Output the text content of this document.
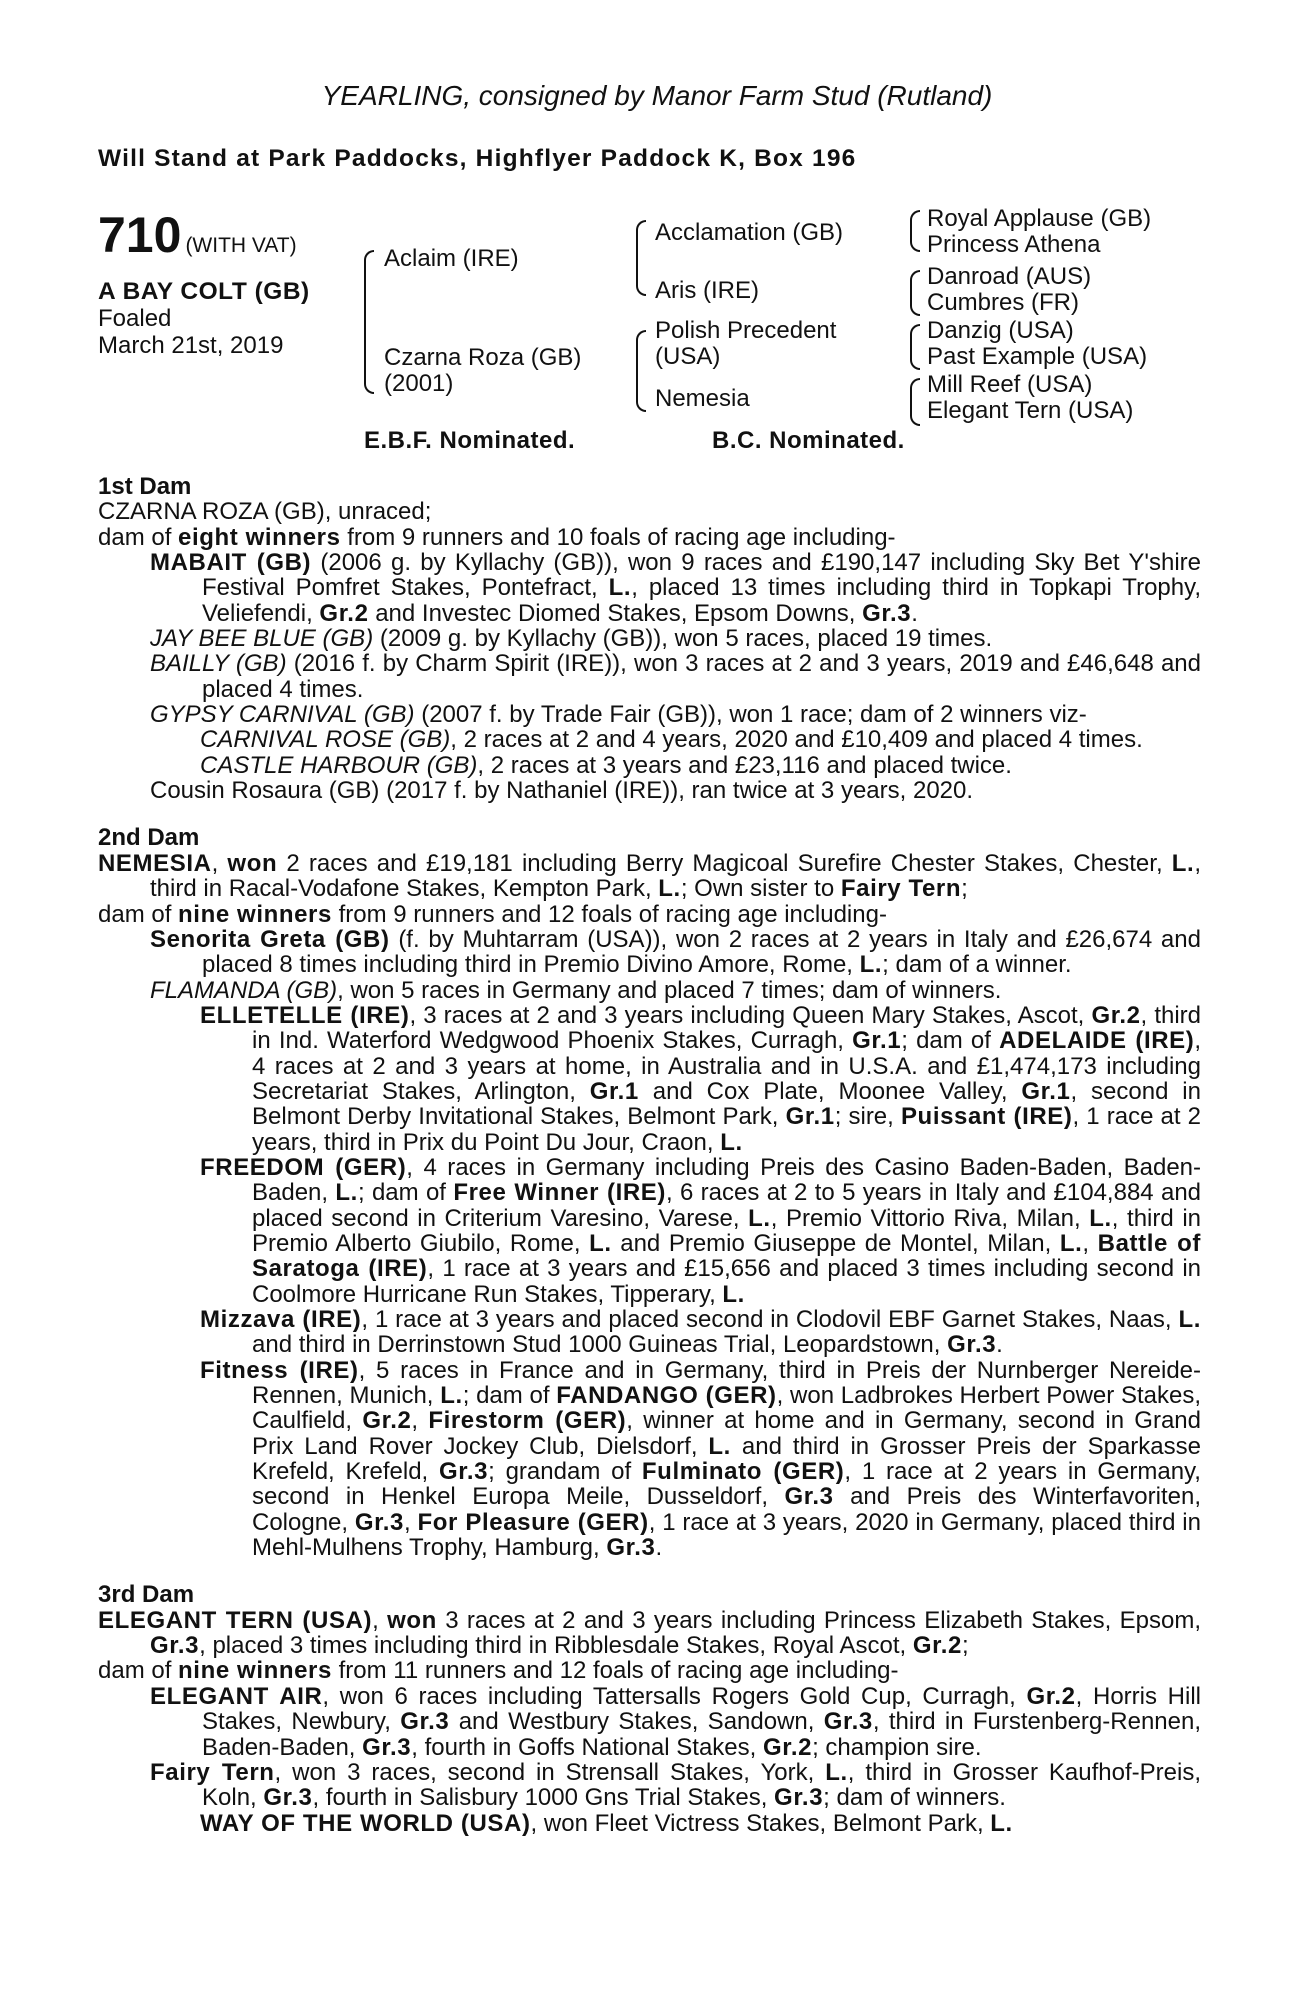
YEARLING, consigned by Manor Farm Stud (Rutland)
Will Stand at Park Paddocks, Highflyer Paddock K, Box 196
710 (WITH VAT)
A BAY COLT (GB)
Foaled
March 21st, 2019
Aclaim (IRE)
Czarna Roza (GB)
(2001)
Acclamation (GB)
Aris (IRE)
Polish Precedent
(USA)
Nemesia
Royal Applause (GB)
Princess Athena
Danroad (AUS)
Cumbres (FR)
Danzig (USA)
Past Example (USA)
Mill Reef (USA)
Elegant Tern (USA)
E.B.F. Nominated.	B.C. Nominated.
1st Dam
CZARNA ROZA (GB), unraced;
dam of eight winners from 9 runners and 10 foals of racing age including-
MABAIT (GB) (2006 g. by Kyllachy (GB)), won 9 races and £190,147 including Sky Bet Y'shire Festival Pomfret Stakes, Pontefract, L., placed 13 times including third in Topkapi Trophy, Veliefendi, Gr.2 and Investec Diomed Stakes, Epsom Downs, Gr.3.
JAY BEE BLUE (GB) (2009 g. by Kyllachy (GB)), won 5 races, placed 19 times.
BAILLY (GB) (2016 f. by Charm Spirit (IRE)), won 3 races at 2 and 3 years, 2019 and £46,648 and placed 4 times.
GYPSY CARNIVAL (GB) (2007 f. by Trade Fair (GB)), won 1 race; dam of 2 winners viz-
CARNIVAL ROSE (GB), 2 races at 2 and 4 years, 2020 and £10,409 and placed 4 times.
CASTLE HARBOUR (GB), 2 races at 3 years and £23,116 and placed twice.
Cousin Rosaura (GB) (2017 f. by Nathaniel (IRE)), ran twice at 3 years, 2020.
2nd Dam
NEMESIA, won 2 races and £19,181 including Berry Magicoal Surefire Chester Stakes, Chester, L., third in Racal-Vodafone Stakes, Kempton Park, L.; Own sister to Fairy Tern;
dam of nine winners from 9 runners and 12 foals of racing age including-
Senorita Greta (GB) (f. by Muhtarram (USA)), won 2 races at 2 years in Italy and £26,674 and placed 8 times including third in Premio Divino Amore, Rome, L.; dam of a winner.
FLAMANDA (GB), won 5 races in Germany and placed 7 times; dam of winners.
ELLETELLE (IRE), 3 races at 2 and 3 years including Queen Mary Stakes, Ascot, Gr.2, third in Ind. Waterford Wedgwood Phoenix Stakes, Curragh, Gr.1; dam of ADELAIDE (IRE), 4 races at 2 and 3 years at home, in Australia and in U.S.A. and £1,474,173 including Secretariat Stakes, Arlington, Gr.1 and Cox Plate, Moonee Valley, Gr.1, second in Belmont Derby Invitational Stakes, Belmont Park, Gr.1; sire, Puissant (IRE), 1 race at 2 years, third in Prix du Point Du Jour, Craon, L.
FREEDOM (GER), 4 races in Germany including Preis des Casino Baden-Baden, Baden-Baden, L.; dam of Free Winner (IRE), 6 races at 2 to 5 years in Italy and £104,884 and placed second in Criterium Varesino, Varese, L., Premio Vittorio Riva, Milan, L., third in Premio Alberto Giubilo, Rome, L. and Premio Giuseppe de Montel, Milan, L., Battle of Saratoga (IRE), 1 race at 3 years and £15,656 and placed 3 times including second in Coolmore Hurricane Run Stakes, Tipperary, L.
Mizzava (IRE), 1 race at 3 years and placed second in Clodovil EBF Garnet Stakes, Naas, L. and third in Derrinstown Stud 1000 Guineas Trial, Leopardstown, Gr.3.
Fitness (IRE), 5 races in France and in Germany, third in Preis der Nurnberger Nereide-Rennen, Munich, L.; dam of FANDANGO (GER), won Ladbrokes Herbert Power Stakes, Caulfield, Gr.2, Firestorm (GER), winner at home and in Germany, second in Grand Prix Land Rover Jockey Club, Dielsdorf, L. and third in Grosser Preis der Sparkasse Krefeld, Krefeld, Gr.3; grandam of Fulminato (GER), 1 race at 2 years in Germany, second in Henkel Europa Meile, Dusseldorf, Gr.3 and Preis des Winterfavoriten, Cologne, Gr.3, For Pleasure (GER), 1 race at 3 years, 2020 in Germany, placed third in Mehl-Mulhens Trophy, Hamburg, Gr.3.
3rd Dam
ELEGANT TERN (USA), won 3 races at 2 and 3 years including Princess Elizabeth Stakes, Epsom, Gr.3, placed 3 times including third in Ribblesdale Stakes, Royal Ascot, Gr.2;
dam of nine winners from 11 runners and 12 foals of racing age including-
ELEGANT AIR, won 6 races including Tattersalls Rogers Gold Cup, Curragh, Gr.2, Horris Hill Stakes, Newbury, Gr.3 and Westbury Stakes, Sandown, Gr.3, third in Furstenberg-Rennen, Baden-Baden, Gr.3, fourth in Goffs National Stakes, Gr.2; champion sire.
Fairy Tern, won 3 races, second in Strensall Stakes, York, L., third in Grosser Kaufhof-Preis, Koln, Gr.3, fourth in Salisbury 1000 Gns Trial Stakes, Gr.3; dam of winners.
WAY OF THE WORLD (USA), won Fleet Victress Stakes, Belmont Park, L.
